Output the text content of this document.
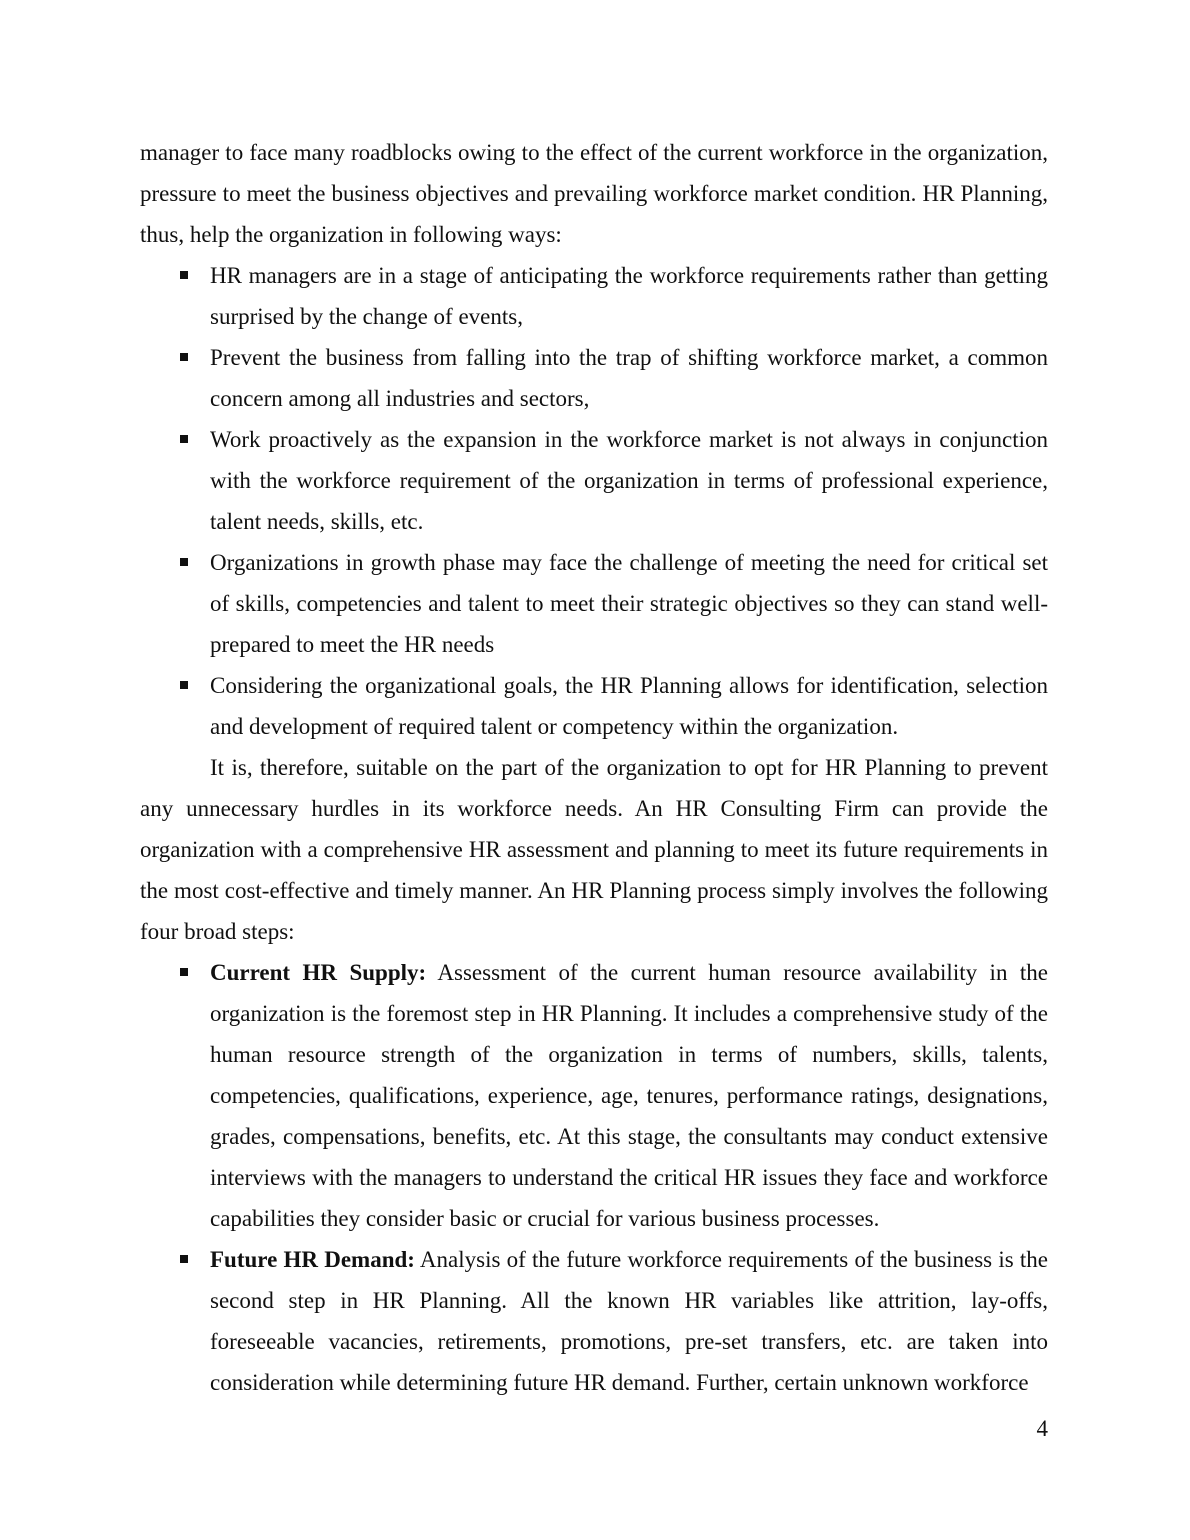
manager to face many roadblocks owing to the effect of the current workforce in the organization, pressure to meet the business objectives and prevailing workforce market condition. HR Planning, thus, help the organization in following ways:

HR managers are in a stage of anticipating the workforce requirements rather than getting surprised by the change of events,
Prevent the business from falling into the trap of shifting workforce market, a common concern among all industries and sectors,
Work proactively as the expansion in the workforce market is not always in conjunction with the workforce requirement of the organization in terms of professional experience, talent needs, skills, etc.
Organizations in growth phase may face the challenge of meeting the need for critical set of skills, competencies and talent to meet their strategic objectives so they can stand well-prepared to meet the HR needs
Considering the organizational goals, the HR Planning allows for identification, selection and development of required talent or competency within the organization.

It is, therefore, suitable on the part of the organization to opt for HR Planning to prevent any unnecessary hurdles in its workforce needs. An HR Consulting Firm can provide the organization with a comprehensive HR assessment and planning to meet its future requirements in the most cost-effective and timely manner. An HR Planning process simply involves the following four broad steps:

Current HR Supply: Assessment of the current human resource availability in the organization is the foremost step in HR Planning. It includes a comprehensive study of the human resource strength of the organization in terms of numbers, skills, talents, competencies, qualifications, experience, age, tenures, performance ratings, designations, grades, compensations, benefits, etc. At this stage, the consultants may conduct extensive interviews with the managers to understand the critical HR issues they face and workforce capabilities they consider basic or crucial for various business processes.
Future HR Demand: Analysis of the future workforce requirements of the business is the second step in HR Planning. All the known HR variables like attrition, lay-offs, foreseeable vacancies, retirements, promotions, pre-set transfers, etc. are taken into consideration while determining future HR demand. Further, certain unknown workforce
4
